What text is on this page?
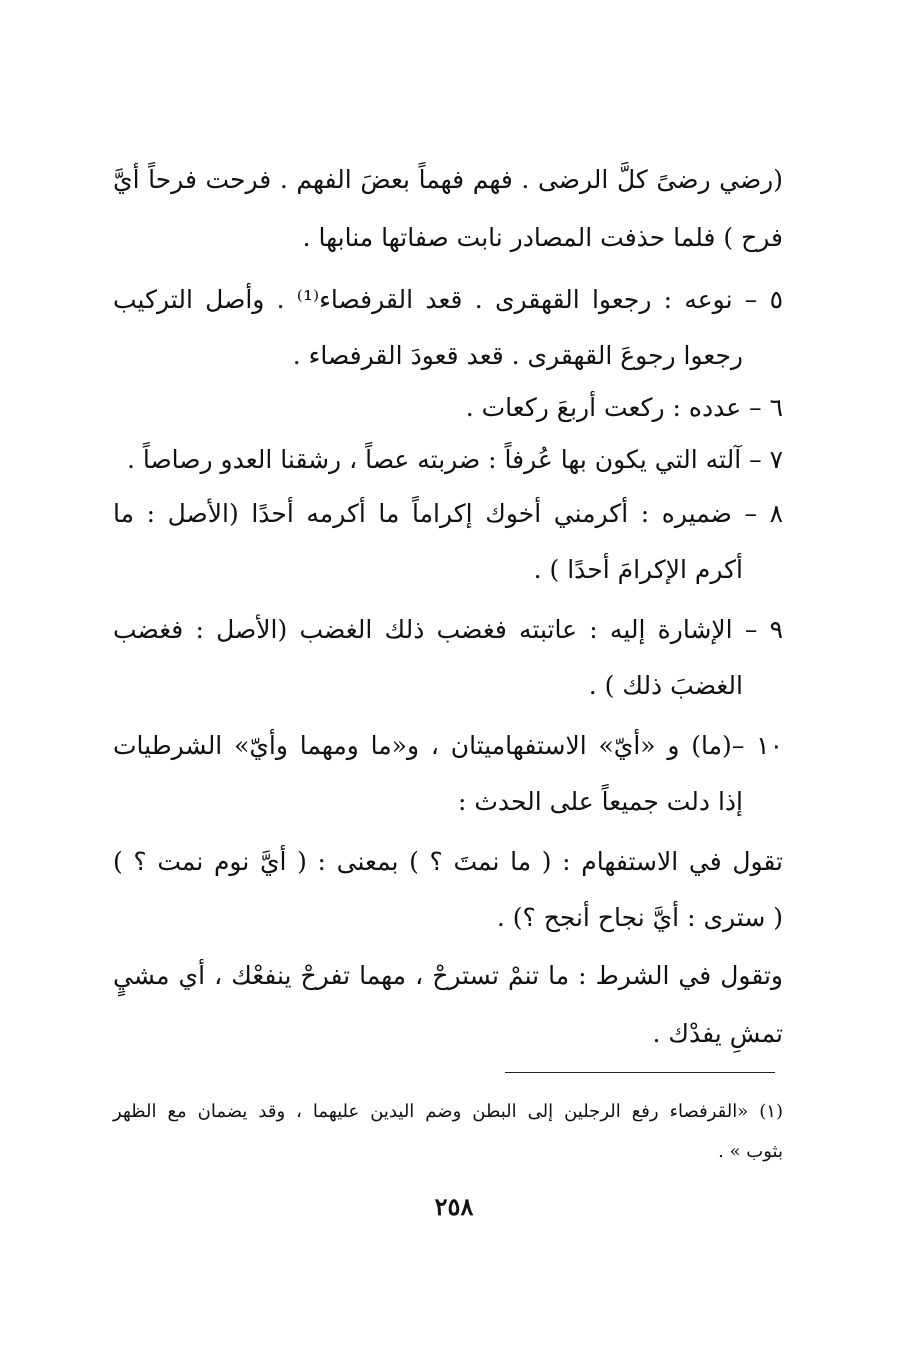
(رضي رضىً كلَّ الرضى . فهم فهماً بعضَ الفهم . فرحت فرحاً أيَّ
فرح ) فلما حذفت المصادر نابت صفاتها منابها .
٥ – نوعه : رجعوا القهقرى . قعد القرفصاء⁽¹⁾ . وأصل التركيب
رجعوا رجوعَ القهقرى . قعد قعودَ القرفصاء .
٦ – عدده : ركعت أربعَ ركعات .
٧ – آلته التي يكون بها عُرفاً : ضربته عصاً ، رشقنا العدو رصاصاً .
٨ – ضميره : أكرمني أخوك إكراماً ما أكرمه أحدًا (الأصل : ما
أكرم الإكرامَ أحدًا ) .
٩ – الإشارة إليه : عاتبته فغضب ذلك الغضب (الأصل : فغضب
الغضبَ ذلك ) .
١٠ –(ما) و «أيّ» الاستفهاميتان ، و«ما ومهما وأيّ» الشرطيات
إذا دلت جميعاً على الحدث :
تقول في الاستفهام : ( ما نمتَ ؟ ) بمعنى : ( أيَّ نوم نمت ؟ )
( سترى : أيَّ نجاح أنجح ؟) .
وتقول في الشرط : ما تنمْ تسترحْ ، مهما تفرحْ ينفعْك ، أي مشيٍ
تمشِ يفدْك .
(١) «القرفصاء رفع الرجلين إلى البطن وضم اليدين عليهما ، وقد يضمان مع الظهر
بثوب » .
٢٥٨
